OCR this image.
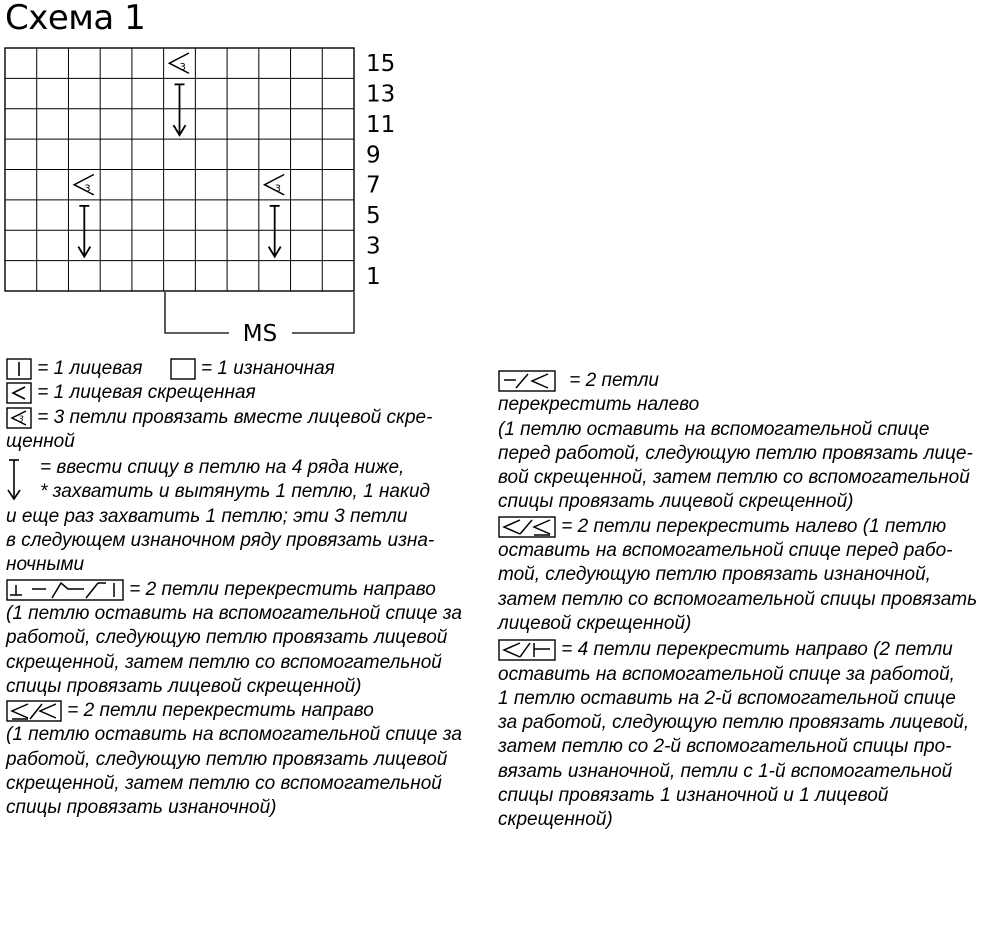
Схема 1
3
3	3
15
13
11
9
7
5
3
1
MS

= 1 лицевая	= 1 изнаночная

= 1 лицевая скрещенная

3 = 3 петли провязать вместе лицевой скре-
щенной

= ввести спицу в петлю на 4 ряда ниже,
* захватить и вытянуть 1 петлю, 1 накид

и еще раз захватить 1 петлю; эти 3 петли
в следующем изнаночном ряду провязать изна-
ночными

= 2 петли перекрестить направо
(1 петлю оставить на вспомогательной спице за
работой, следующую петлю провязать лицевой
скрещенной, затем петлю со вспомогательной
спицы провязать лицевой скрещенной)

= 2 петли перекрестить направо
(1 петлю оставить на вспомогательной спице за
работой, следующую петлю провязать лицевой
скрещенной, затем петлю со вспомогательной
спицы провязать изнаночной)

= 2 петли
перекрестить налево
(1 петлю оставить на вспомогательной спице
перед работой, следующую петлю провязать лице-
вой скрещенной, затем петлю со вспомогательной
спицы провязать лицевой скрещенной)

= 2 петли перекрестить налево (1 петлю
оставить на вспомогательной спице перед рабо-
той, следующую петлю провязать изнаночной,
затем петлю со вспомогательной спицы провязать
лицевой скрещенной)

= 4 петли перекрестить направо (2 петли
оставить на вспомогательной спице за работой,
1 петлю оставить на 2-й вспомогательной спице
за работой, следующую петлю провязать лицевой,
затем петлю со 2-й вспомогательной спицы про-
вязать изнаночной, петли с 1-й вспомогательной
спицы провязать 1 изнаночной и 1 лицевой
скрещенной)
